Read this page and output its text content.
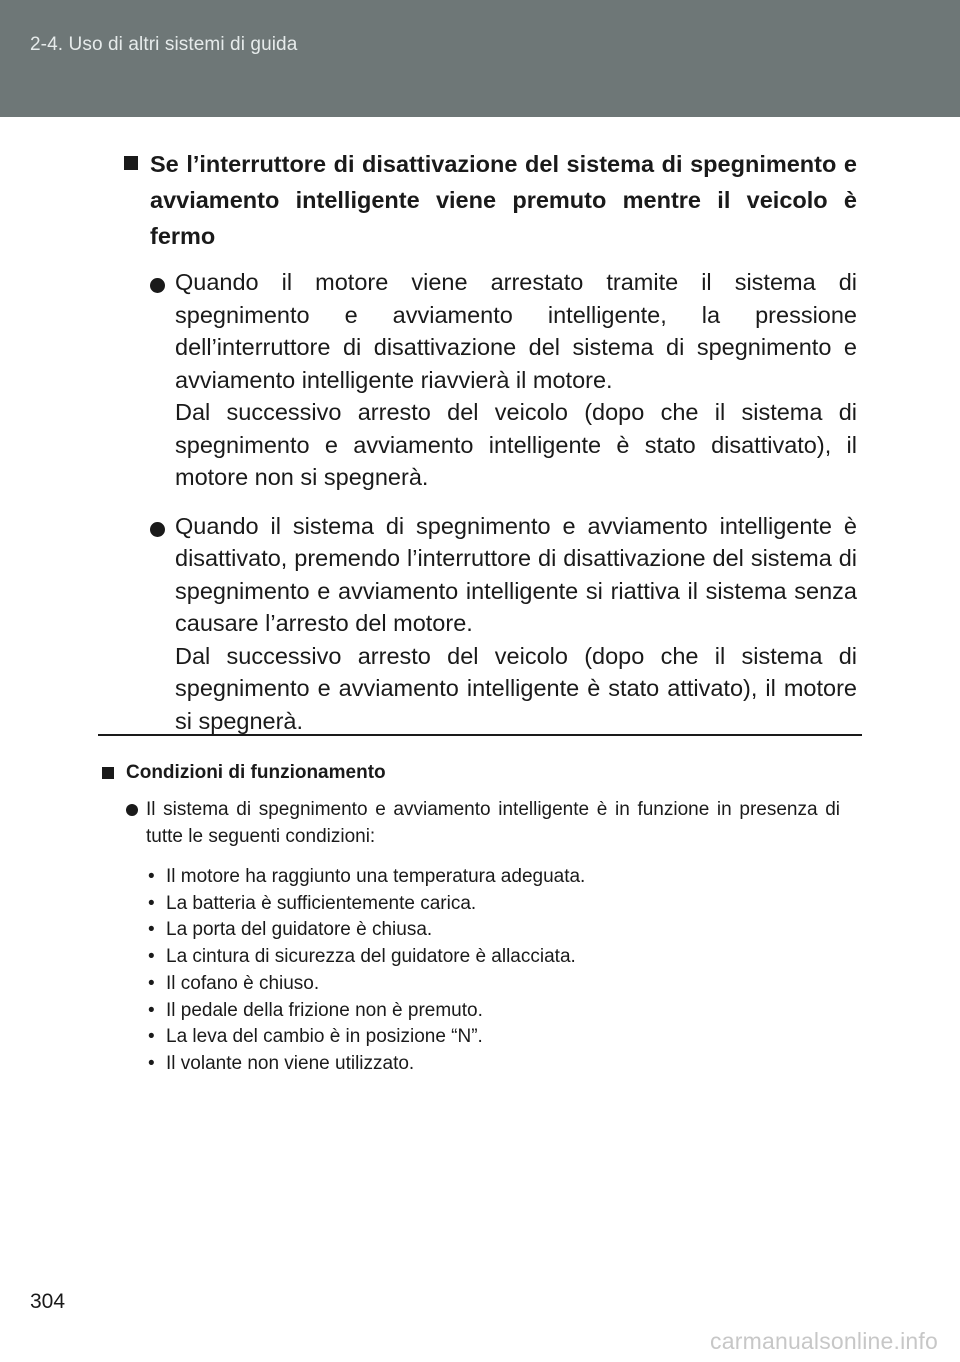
2-4. Uso di altri sistemi di guida
Se l’interruttore di disattivazione del sistema di spegnimento e avviamento intelligente viene premuto mentre il veicolo è fermo

Quando il motore viene arrestato tramite il sistema di spegnimento e avviamento intelligente, la pressione dell’interruttore di disattivazione del sistema di spegnimento e avviamento intelligente riavvierà il motore.

Dal successivo arresto del veicolo (dopo che il sistema di spegnimento e avviamento intelligente è stato disattivato), il motore non si spegnerà.

Quando il sistema di spegnimento e avviamento intelligente è disattivato, premendo l’interruttore di disattivazione del sistema di spegnimento e avviamento intelligente si riattiva il sistema senza causare l’arresto del motore.

Dal successivo arresto del veicolo (dopo che il sistema di spegnimento e avviamento intelligente è stato attivato), il motore si spegnerà.

Condizioni di funzionamento
Il sistema di spegnimento e avviamento intelligente è in funzione in presenza di tutte le seguenti condizioni:
• Il motore ha raggiunto una temperatura adeguata.
• La batteria è sufficientemente carica.
• La porta del guidatore è chiusa.
• La cintura di sicurezza del guidatore è allacciata.
• Il cofano è chiuso.
• Il pedale della frizione non è premuto.
• La leva del cambio è in posizione “N”.
• Il volante non viene utilizzato.
304
carmanualsonline.info
